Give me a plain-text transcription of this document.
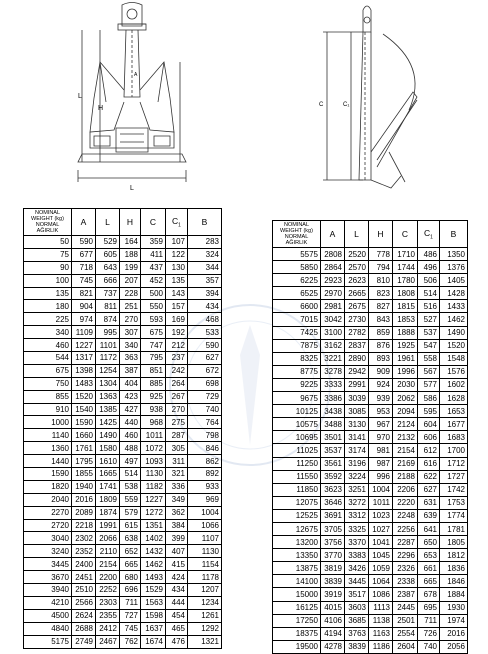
H
L
L
A
C	C₁
NOMINAL
WEIGHT (kg)
NORMAL
AĞIRLIK	A	L	H	C	$C_1$	B
50	590	529	164	359	107	283
75	677	605	188	411	122	324
90	718	643	199	437	130	344
100	745	666	207	452	135	357
135	821	737	228	500	143	394
180	904	811	251	550	157	434
225	974	874	270	593	169	468
340	1109	995	307	675	192	533
460	1227	1101	340	747	212	590
544	1317	1172	363	795	237	627
675	1398	1254	387	851	242	672
750	1483	1304	404	885	264	698
855	1520	1363	423	925	267	729
910	1540	1385	427	938	270	740
1000	1590	1425	440	968	275	764
1140	1660	1490	460	1011	287	798
1360	1761	1580	488	1072	305	846
1440	1795	1610	497	1093	311	862
1590	1855	1665	514	1130	321	892
1820	1940	1741	538	1182	336	933
2040	2016	1809	559	1227	349	969
2270	2089	1874	579	1272	362	1004
2720	2218	1991	615	1351	384	1066
3040	2302	2066	638	1402	399	1107
3240	2352	2110	652	1432	407	1130
3445	2400	2154	665	1462	415	1154
3670	2451	2200	680	1493	424	1178
3940	2510	2252	696	1529	434	1207
4210	2566	2303	711	1563	444	1234
4500	2624	2355	727	1598	454	1261
4840	2688	2412	745	1637	465	1292
5175	2749	2467	762	1674	476	1321
NOMINAL
WEIGHT (kg)
NORMAL
AĞIRLIK	A	L	H	C	$C_1$	B
5575	2808	2520	778	1710	486	1350
5850	2864	2570	794	1744	496	1376
6225	2923	2623	810	1780	506	1405
6525	2970	2665	823	1808	514	1428
6600	2981	2675	827	1815	516	1433
7015	3042	2730	843	1853	527	1462
7425	3100	2782	859	1888	537	1490
7875	3162	2837	876	1925	547	1520
8325	3221	2890	893	1961	558	1548
8775	3278	2942	909	1996	567	1576
9225	3333	2991	924	2030	577	1602
9675	3386	3039	939	2062	586	1628
10125	3438	3085	953	2094	595	1653
10575	3488	3130	967	2124	604	1677
10695	3501	3141	970	2132	606	1683
11025	3537	3174	981	2154	612	1700
11250	3561	3196	987	2169	616	1712
11550	3592	3224	996	2188	622	1727
11850	3623	3251	1004	2206	627	1742
12075	3646	3272	1011	2220	631	1753
12525	3691	3312	1023	2248	639	1774
12675	3705	3325	1027	2256	641	1781
13200	3756	3370	1041	2287	650	1805
13350	3770	3383	1045	2296	653	1812
13875	3819	3426	1059	2326	661	1836
14100	3839	3445	1064	2338	665	1846
15000	3919	3517	1086	2387	678	1884
16125	4015	3603	1113	2445	695	1930
17250	4106	3685	1138	2501	711	1974
18375	4194	3763	1163	2554	726	2016
19500	4278	3839	1186	2604	740	2056
